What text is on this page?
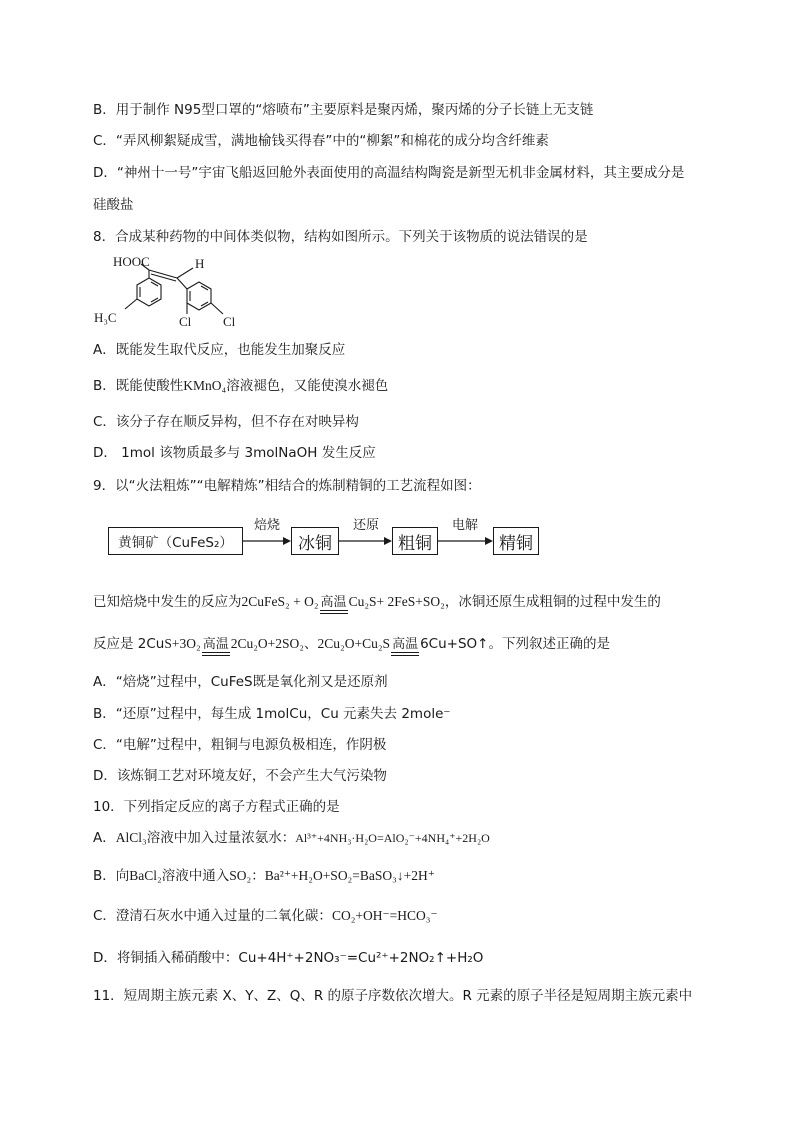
B．用于制作 N95型口罩的“熔喷布”主要原料是聚丙烯，聚丙烯的分子长链上无支链
C．“弄风柳絮疑成雪，满地榆钱买得春”中的“柳絮”和棉花的成分均含纤维素
D．“神州十一号”宇宙飞船返回舱外表面使用的高温结构陶瓷是新型无机非金属材料，其主要成分是
硅酸盐
8．合成某种药物的中间体类似物，结构如图所示。下列关于该物质的说法错误的是
HOOC	H
H₃C	Cl Cl
A．既能发生取代反应，也能发生加聚反应
B．既能使酸性KMnO₄溶液褪色，又能使溴水褪色
C．该分子存在顺反异构，但不存在对映异构
D． 1mol 该物质最多与 3molNaOH 发生反应
9．以“火法粗炼”“电解精炼”相结合的炼制精铜的工艺流程如图：
黄铜矿（CuFeS₂）
焙烧
冰铜
还原
粗铜
电解
精铜
已知焙烧中发生的反应为2CuFeS₂ + O₂ 高温 Cu₂S+ 2FeS+SO₂，冰铜还原生成粗铜的过程中发生的
反应是 2CuS+3O₂ 高温 2Cu₂O+2SO₂、2Cu₂O+Cu₂S 高温 6Cu+SO↑。下列叙述正确的是
A．“焙烧”过程中，CuFeS既是氧化剂又是还原剂
B．“还原”过程中，每生成 1molCu，Cu 元素失去 2mole⁻
C．“电解”过程中，粗铜与电源负极相连，作阴极
D．该炼铜工艺对环境友好，不会产生大气污染物
10．下列指定反应的离子方程式正确的是
A．AlCl₃溶液中加入过量浓氨水：Al³⁺+4NH₃·H₂O=AlO₂⁻+4NH₄⁺+2H₂O
B．向BaCl₂溶液中通入SO₂：Ba²⁺+H₂O+SO₂=BaSO₃↓+2H⁺
C．澄清石灰水中通入过量的二氧化碳：CO₂+OH⁻=HCO₃⁻
D．将铜插入稀硝酸中：Cu+4H⁺+2NO₃⁻=Cu²⁺+2NO₂↑+H₂O
11．短周期主族元素 X、Y、Z、Q、R 的原子序数依次增大。R 元素的原子半径是短周期主族元素中
